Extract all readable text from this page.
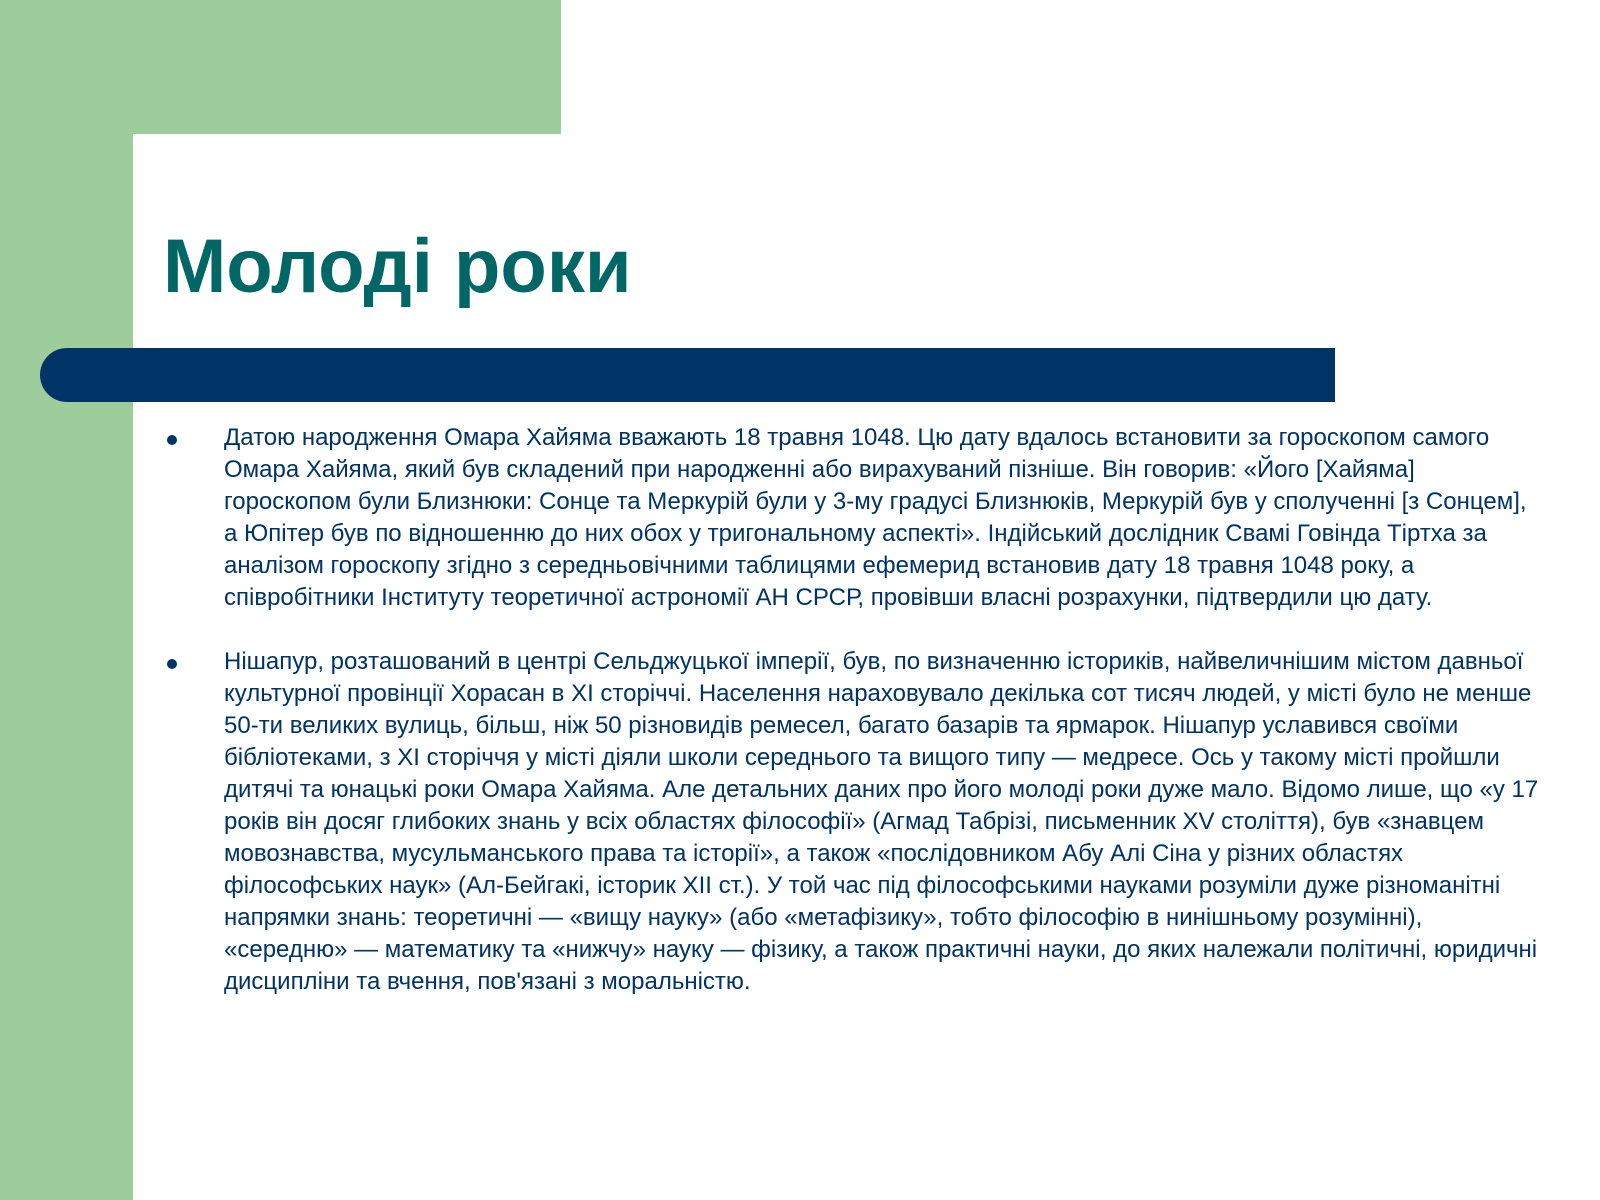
Молоді роки
Датою народження Омара Хайяма вважають 18 травня 1048. Цю дату вдалось встановити за гороскопом самого Омара Хайяма, який був складений при народженні або вирахуваний пізніше. Він говорив: «Його [Хайяма] гороскопом були Близнюки: Сонце та Меркурій були у 3-му градусі Близнюків, Меркурій був у сполученні [з Сонцем], а Юпітер був по відношенню до них обох у тригональному аспекті». Індійський дослідник Свамі Говінда Тіртха за аналізом гороскопу згідно з середньовічними таблицями ефемерид встановив дату 18 травня 1048 року, а співробітники Інституту теоретичної астрономії АН СРСР, провівши власні розрахунки, підтвердили цю дату.
Нішапур, розташований в центрі Сельджуцької імперії, був, по визначенню істориків, найвеличнішим містом давньої культурної провінції Хорасан в XI сторіччі. Населення нараховувало декілька сот тисяч людей, у місті було не менше 50-ти великих вулиць, більш, ніж 50 різновидів ремесел, багато базарів та ярмарок. Нішапур уславився своїми бібліотеками, з XI сторіччя у місті діяли школи середнього та вищого типу — медресе. Ось у такому місті пройшли дитячі та юнацькі роки Омара Хайяма. Але детальних даних про його молоді роки дуже мало. Відомо лише, що «у 17 років він досяг глибоких знань у всіх областях філософії» (Агмад Табрізі, письменник XV століття), був «знавцем мовознавства, мусульманського права та історії», а також «послідовником Абу Алі Сіна у різних областях філософських наук» (Ал-Бейгакі, історик XII ст.). У той час під філософськими науками розуміли дуже різноманітні напрямки знань: теоретичні — «вищу науку» (або «метафізику», тобто філософію в нинішньому розумінні), «середню» — математику та «нижчу» науку — фізику, а також практичні науки, до яких належали політичні, юридичні дисципліни та вчення, пов'язані з моральністю.
